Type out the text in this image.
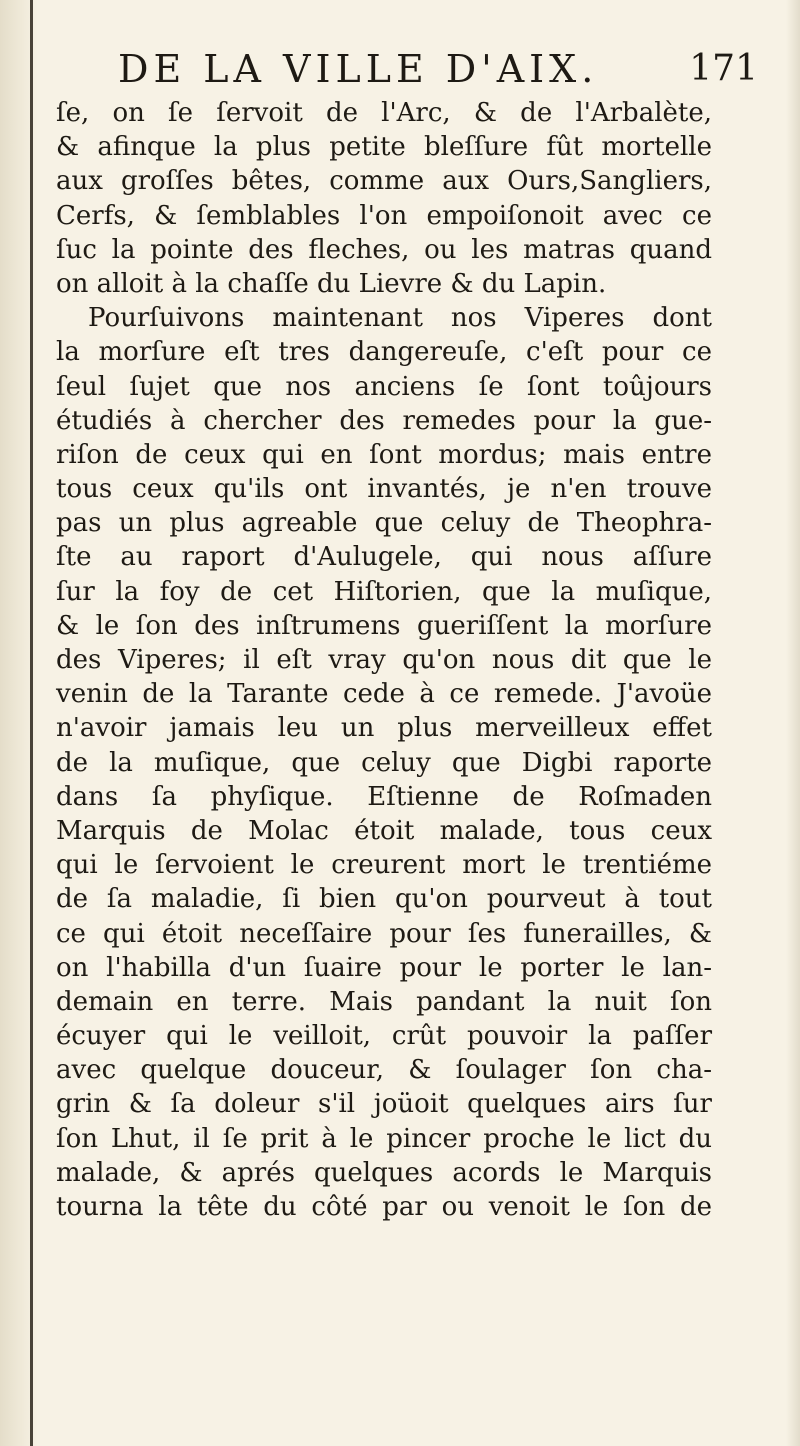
DE LA VILLE D'AIX.	171
ſe, on ſe ſervoit de l'Arc, & de l'Arbalète,
& afinque la plus petite bleſſure fût mortelle
aux groſſes bêtes, comme aux Ours,Sangliers,
Cerfs, & ſemblables l'on empoiſonoit avec ce
ſuc la pointe des fleches, ou les matras quand
on alloit à la chaſſe du Lievre & du Lapin.
Pourſuivons maintenant nos Viperes dont
la morſure eſt tres dangereuſe, c'eſt pour ce
ſeul ſujet que nos anciens ſe ſont toûjours
étudiés à chercher des remedes pour la gue-
riſon de ceux qui en ſont mordus; mais entre
tous ceux qu'ils ont invantés, je n'en trouve
pas un plus agreable que celuy de Theophra-
ſte au raport d'Aulugele, qui nous aſſure
ſur la foy de cet Hiſtorien, que la muſique,
& le ſon des inſtrumens gueriſſent la morſure
des Viperes; il eſt vray qu'on nous dit que le
venin de la Tarante cede à ce remede. J'avoüe
n'avoir jamais leu un plus merveilleux effet
de la muſique, que celuy que Digbi raporte
dans ſa phyſique. Eſtienne de Roſmaden
Marquis de Molac étoit malade, tous ceux
qui le ſervoient le creurent mort le trentiéme
de ſa maladie, ſi bien qu'on pourveut à tout
ce qui étoit neceſſaire pour ſes funerailles, &
on l'habilla d'un ſuaire pour le porter le lan-
demain en terre. Mais pandant la nuit ſon
écuyer qui le veilloit, crût pouvoir la paſſer
avec quelque douceur, & ſoulager ſon cha-
grin & ſa doleur s'il joüoit quelques airs ſur
ſon Lhut, il ſe prit à le pincer proche le lict du
malade, & aprés quelques acords le Marquis
tourna la tête du côté par ou venoit le ſon de
